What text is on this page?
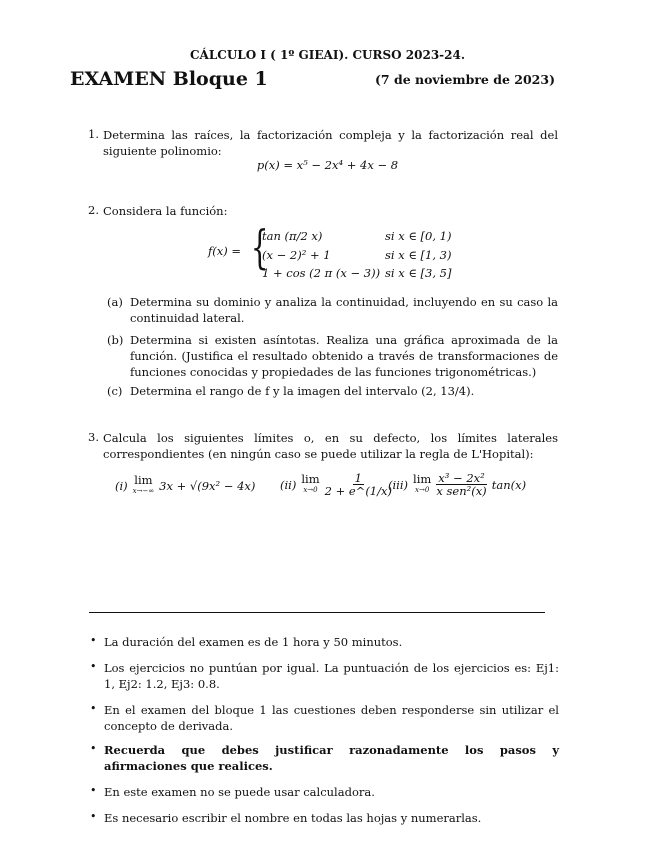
CÁLCULO I ( 1º GIEAI). CURSO 2023-24.
EXAMEN Bloque 1	(7 de noviembre de 2023)
1. Determina las raíces, la factorización compleja y la factorización real del siguiente polinomio:
p(x) = x⁵ − 2x⁴ + 4x − 8
2. Considera la función:
f(x) = {
tan (π/2 x)	si x ∈ [0, 1)
(x − 2)² + 1	si x ∈ [1, 3)
1 + cos (2 π (x − 3)) si x ∈ [3, 5]
(a) Determina su dominio y analiza la continuidad, incluyendo en su caso la continuidad lateral.
(b) Determina si existen asíntotas. Realiza una gráfica aproximada de la función. (Justifica el resultado obtenido a través de transformaciones de funciones conocidas y propiedades de las funciones trigonométricas.)
(c) Determina el rango de f y la imagen del intervalo (2, 13/4).
3. Calcula los siguientes límites o, en su defecto, los límites laterales correspondientes (en ningún caso se puede utilizar la regla de L'Hopital):
(i) lim
x→−∞ 3x + √(9x² − 4x) (ii) lim
$x\to 0 \frac{1}{2 + e\^{}(1/x)}$
(iii) lim
$x\to 0 \frac{\text{x³ − 2x²}}{\text{x sen²(x)}} \tan(x)$
• La duración del examen es de 1 hora y 50 minutos.
• Los ejercicios no puntúan por igual. La puntuación de los ejercicios es: Ej1: 1, Ej2: 1.2, Ej3: 0.8.
• En el examen del bloque 1 las cuestiones deben responderse sin utilizar el concepto de derivada.
• Recuerda que debes justificar razonadamente los pasos y afirmaciones que realices.
• En este examen no se puede usar calculadora.
• Es necesario escribir el nombre en todas las hojas y numerarlas.
